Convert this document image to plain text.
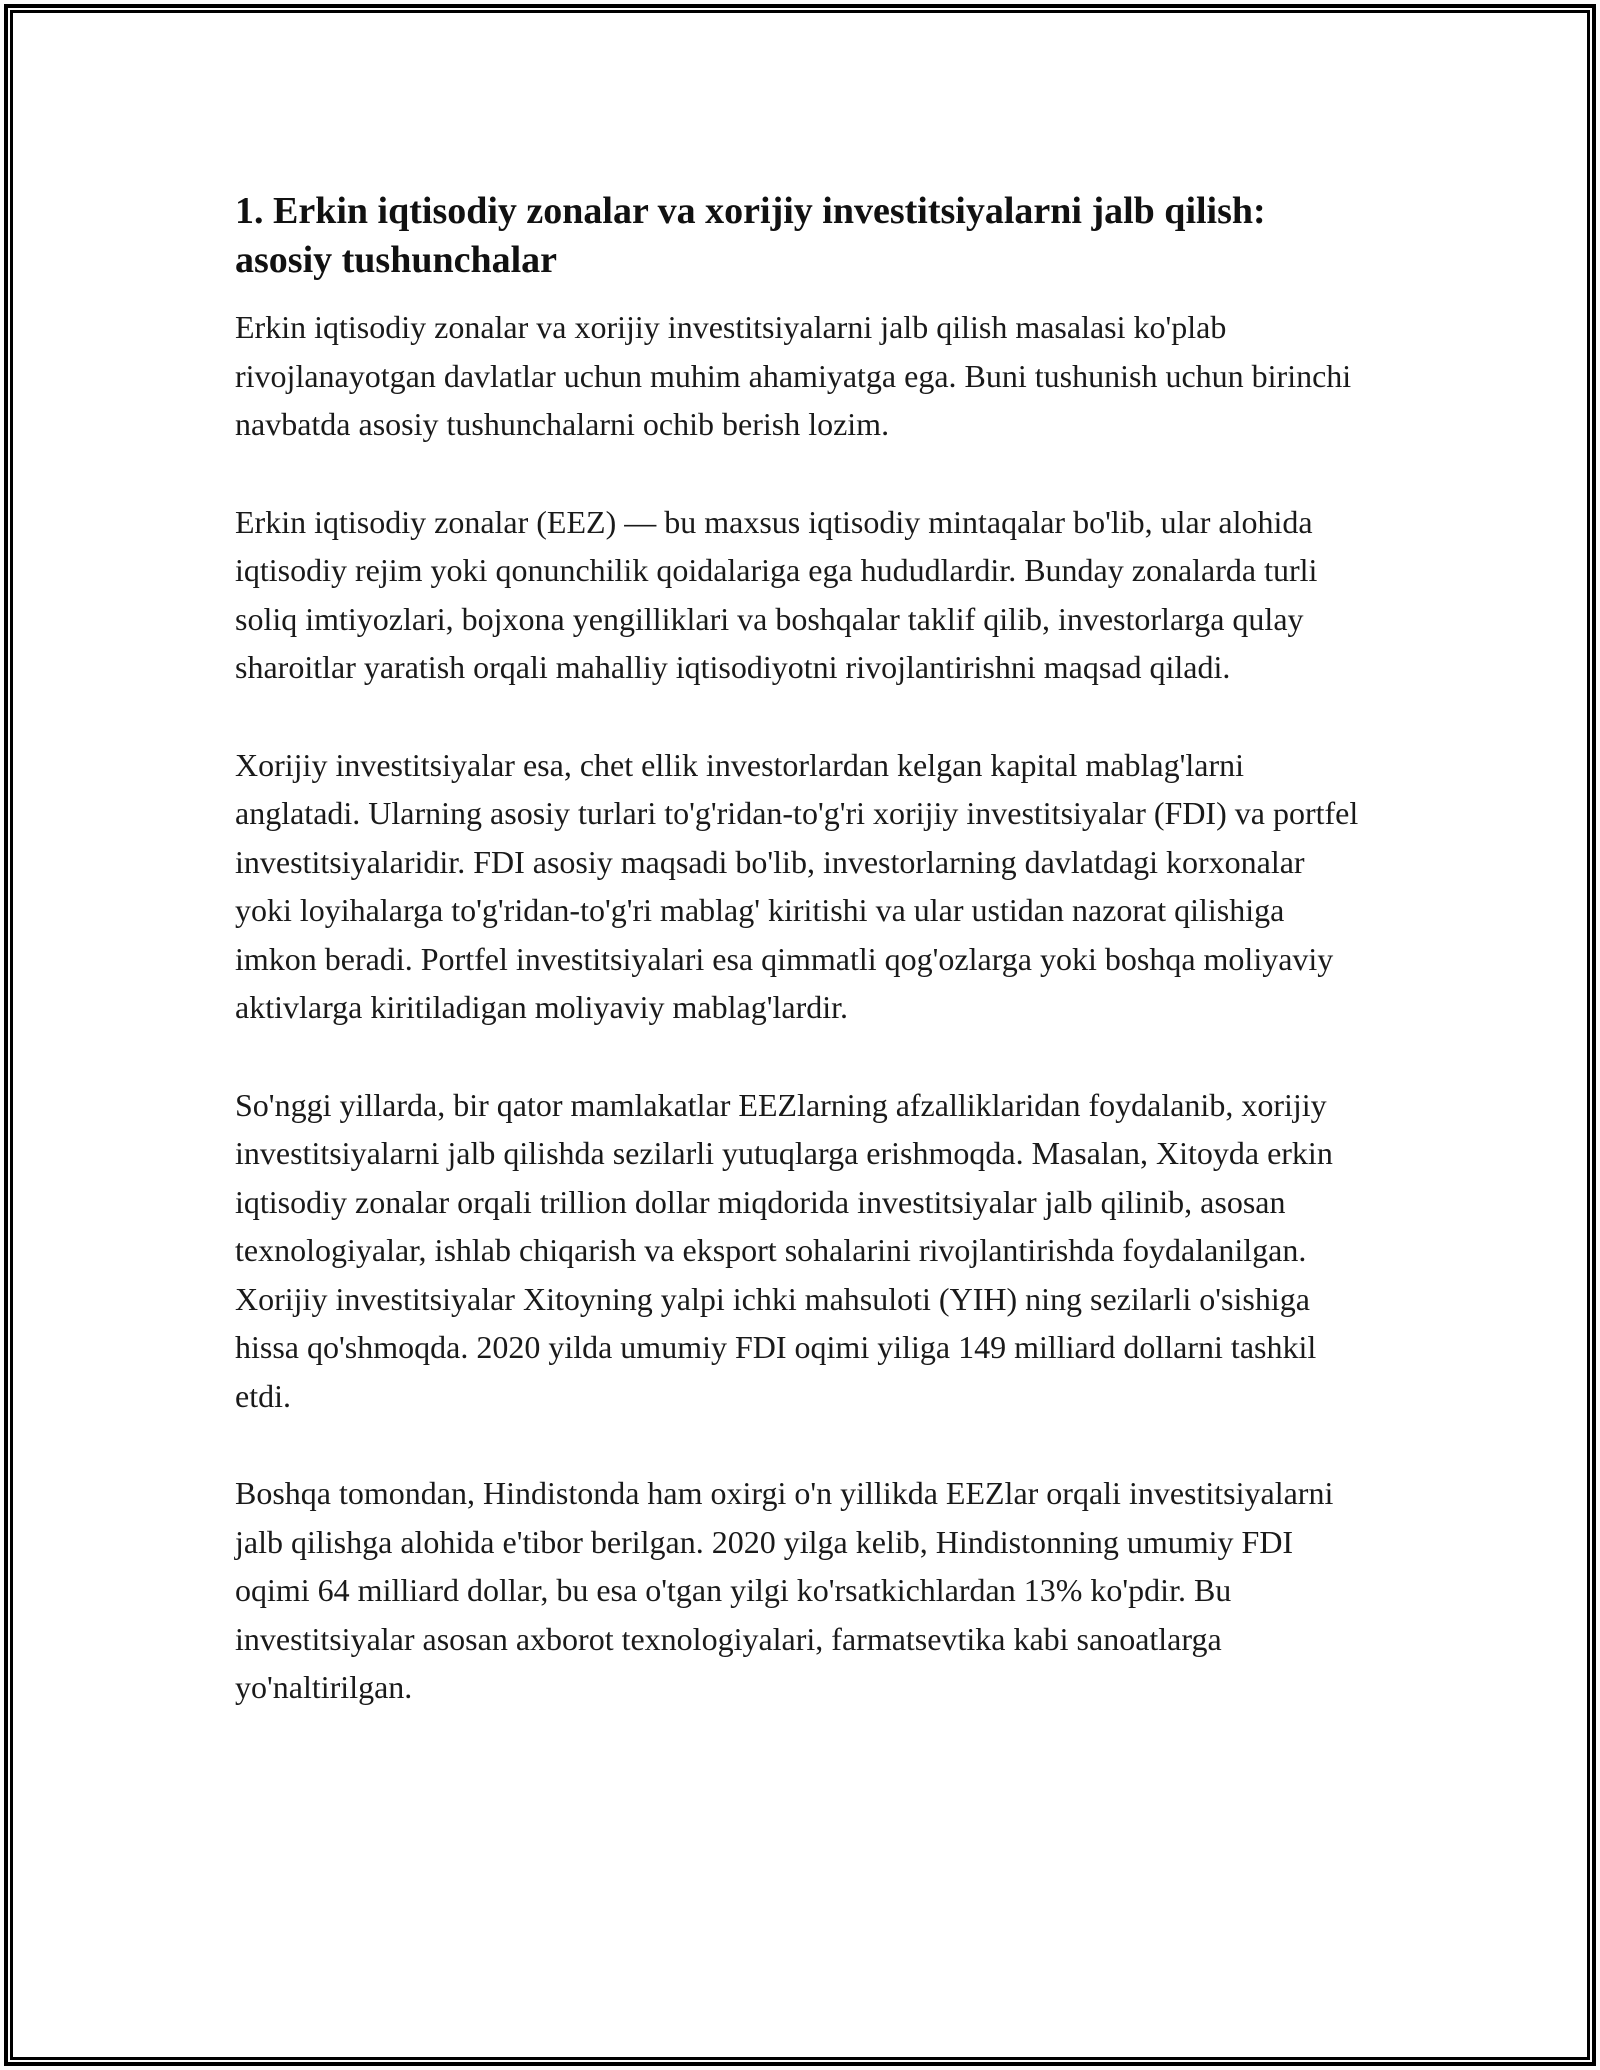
1. Erkin iqtisodiy zonalar va xorijiy investitsiyalarni jalb qilish: asosiy tushunchalar

Erkin iqtisodiy zonalar va xorijiy investitsiyalarni jalb qilish masalasi ko'plab rivojlanayotgan davlatlar uchun muhim ahamiyatga ega. Buni tushunish uchun birinchi navbatda asosiy tushunchalarni ochib berish lozim.

Erkin iqtisodiy zonalar (EEZ) — bu maxsus iqtisodiy mintaqalar bo'lib, ular alohida iqtisodiy rejim yoki qonunchilik qoidalariga ega hududlardir. Bunday zonalarda turli soliq imtiyozlari, bojxona yengilliklari va boshqalar taklif qilib, investorlarga qulay sharoitlar yaratish orqali mahalliy iqtisodiyotni rivojlantirishni maqsad qiladi.

Xorijiy investitsiyalar esa, chet ellik investorlardan kelgan kapital mablag'larni anglatadi. Ularning asosiy turlari to'g'ridan-to'g'ri xorijiy investitsiyalar (FDI) va portfel investitsiyalaridir. FDI asosiy maqsadi bo'lib, investorlarning davlatdagi korxonalar yoki loyihalarga to'g'ridan-to'g'ri mablag' kiritishi va ular ustidan nazorat qilishiga imkon beradi. Portfel investitsiyalari esa qimmatli qog'ozlarga yoki boshqa moliyaviy aktivlarga kiritiladigan moliyaviy mablag'lardir.

So'nggi yillarda, bir qator mamlakatlar EEZlarning afzalliklaridan foydalanib, xorijiy investitsiyalarni jalb qilishda sezilarli yutuqlarga erishmoqda. Masalan, Xitoyda erkin iqtisodiy zonalar orqali trillion dollar miqdorida investitsiyalar jalb qilinib, asosan texnologiyalar, ishlab chiqarish va eksport sohalarini rivojlantirishda foydalanilgan. Xorijiy investitsiyalar Xitoyning yalpi ichki mahsuloti (YIH) ning sezilarli o'sishiga hissa qo'shmoqda. 2020 yilda umumiy FDI oqimi yiliga 149 milliard dollarni tashkil etdi.

Boshqa tomondan, Hindistonda ham oxirgi o'n yillikda EEZlar orqali investitsiyalarni jalb qilishga alohida e'tibor berilgan. 2020 yilga kelib, Hindistonning umumiy FDI oqimi 64 milliard dollar, bu esa o'tgan yilgi ko'rsatkichlardan 13% ko'pdir. Bu investitsiyalar asosan axborot texnologiyalari, farmatsevtika kabi sanoatlarga yo'naltirilgan.
